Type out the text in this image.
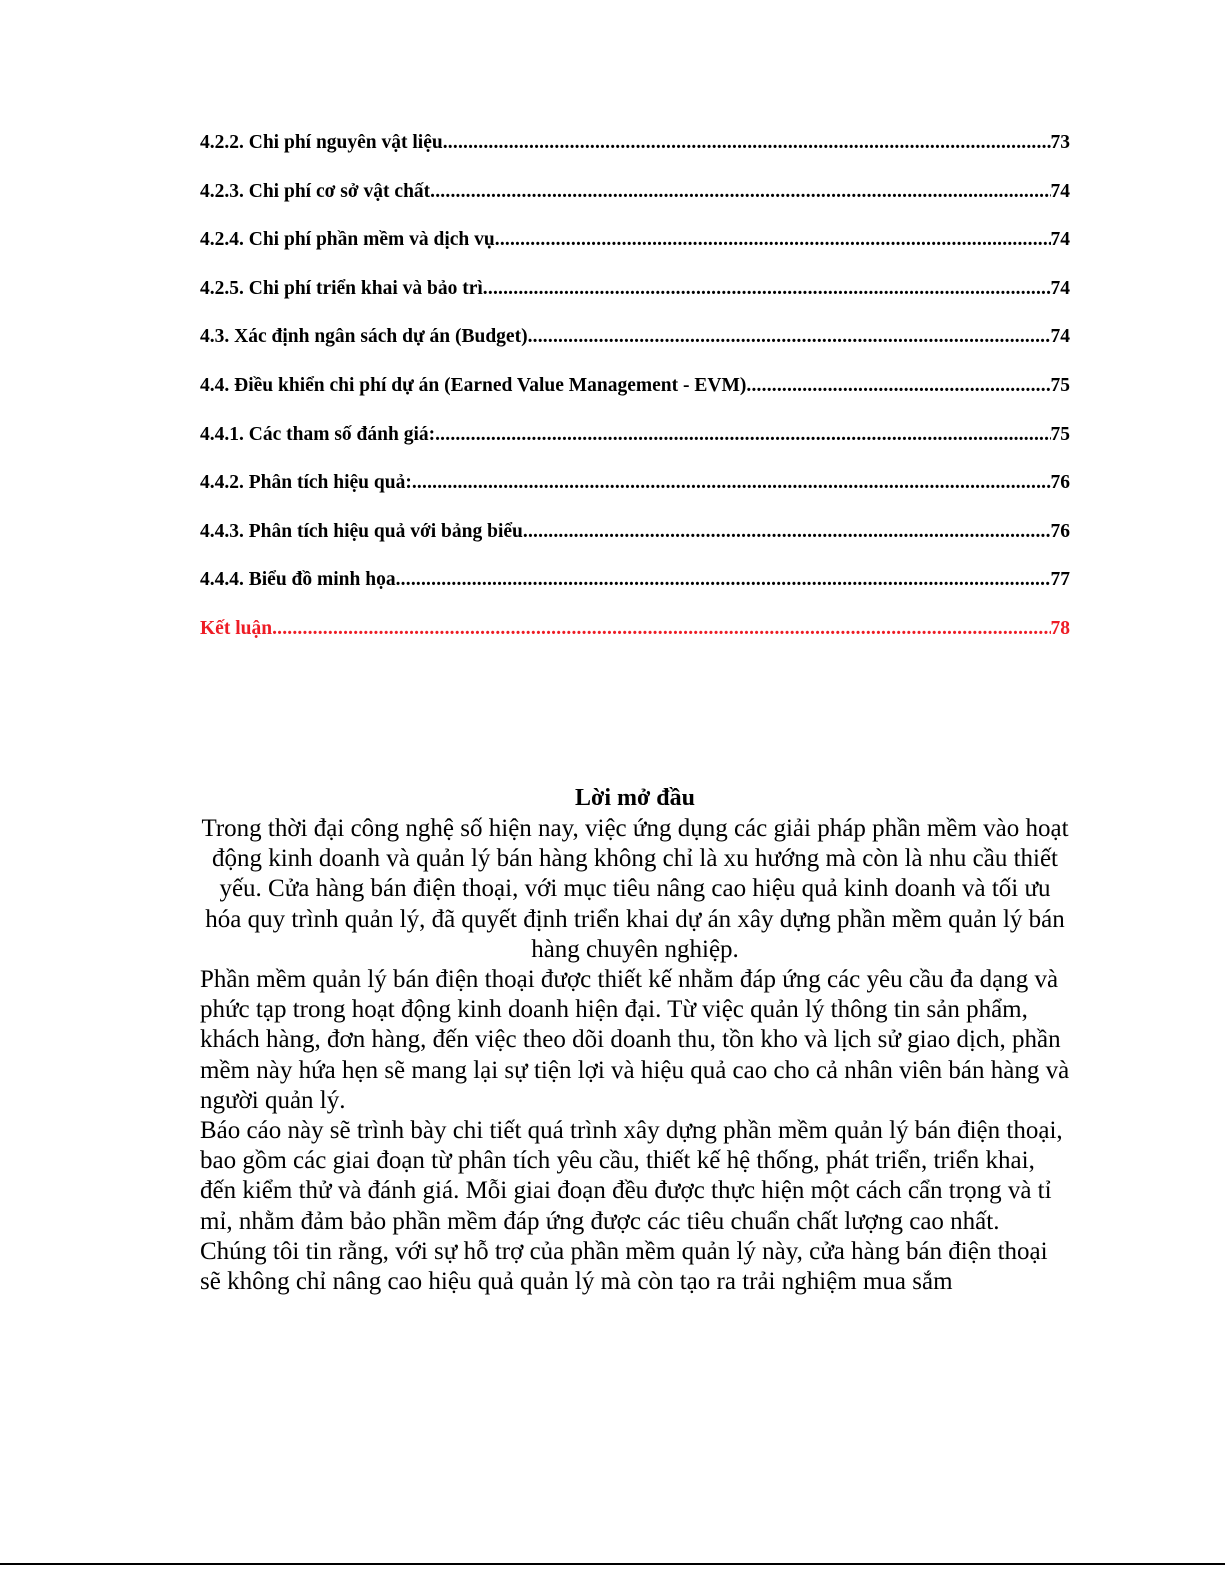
4.2.2. Chi phí nguyên vật liệu .....	73
4.2.3. Chi phí cơ sở vật chất .....	74
4.2.4. Chi phí phần mềm và dịch vụ .....	74
4.2.5. Chi phí triển khai và bảo trì .....	74
4.3. Xác định ngân sách dự án (Budget) .....	74
4.4. Điều khiển chi phí dự án (Earned Value Management - EVM) .....	75
4.4.1. Các tham số đánh giá: .....	75
4.4.2. Phân tích hiệu quả: .....	76
4.4.3. Phân tích hiệu quả với bảng biểu .....	76
4.4.4. Biểu đồ minh họa .....	77
Kết luận .....	78
Lời mở đầu

Trong thời đại công nghệ số hiện nay, việc ứng dụng các giải pháp phần mềm vào hoạt động kinh doanh và quản lý bán hàng không chỉ là xu hướng mà còn là nhu cầu thiết yếu. Cửa hàng bán điện thoại, với mục tiêu nâng cao hiệu quả kinh doanh và tối ưu hóa quy trình quản lý, đã quyết định triển khai dự án xây dựng phần mềm quản lý bán hàng chuyên nghiệp.

Phần mềm quản lý bán điện thoại được thiết kế nhằm đáp ứng các yêu cầu đa dạng và phức tạp trong hoạt động kinh doanh hiện đại. Từ việc quản lý thông tin sản phẩm, khách hàng, đơn hàng, đến việc theo dõi doanh thu, tồn kho và lịch sử giao dịch, phần mềm này hứa hẹn sẽ mang lại sự tiện lợi và hiệu quả cao cho cả nhân viên bán hàng và người quản lý.

Báo cáo này sẽ trình bày chi tiết quá trình xây dựng phần mềm quản lý bán điện thoại, bao gồm các giai đoạn từ phân tích yêu cầu, thiết kế hệ thống, phát triển, triển khai, đến kiểm thử và đánh giá. Mỗi giai đoạn đều được thực hiện một cách cẩn trọng và tỉ mỉ, nhằm đảm bảo phần mềm đáp ứng được các tiêu chuẩn chất lượng cao nhất.

Chúng tôi tin rằng, với sự hỗ trợ của phần mềm quản lý này, cửa hàng bán điện thoại sẽ không chỉ nâng cao hiệu quả quản lý mà còn tạo ra trải nghiệm mua sắm
